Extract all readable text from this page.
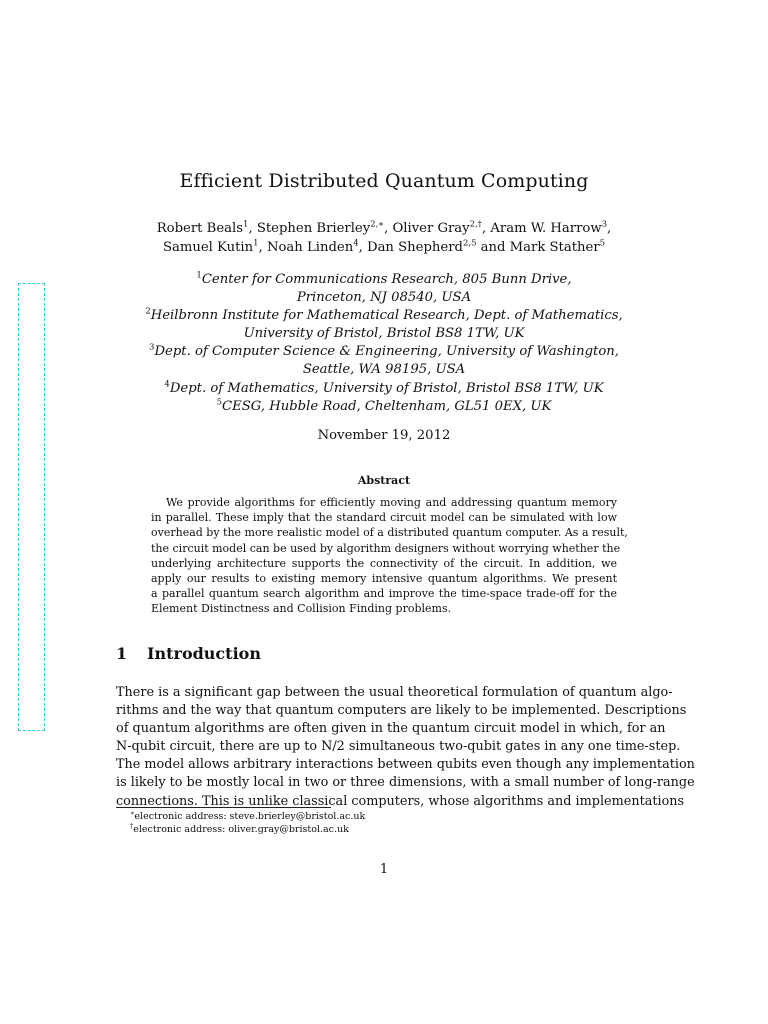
Efficient Distributed Quantum Computing
Robert Beals$^1$, Stephen Brierley$^{2,∗}$, Oliver Gray$^{2,\dagger}$, Aram W. Harrow$^3$,
Samuel Kutin$^1$, Noah Linden$^4$, Dan Shepherd$^{2,5}$ and Mark Stather$^5$
$^1$Center for Communications Research, 805 Bunn Drive,
Princeton, NJ 08540, USA
$^2$Heilbronn Institute for Mathematical Research, Dept. of Mathematics,
University of Bristol, Bristol BS8 1TW, UK
$^3$Dept. of Computer Science & Engineering, University of Washington,
Seattle, WA 98195, USA
$^4$Dept. of Mathematics, University of Bristol, Bristol BS8 1TW, UK
$^5$CESG, Hubble Road, Cheltenham, GL51 0EX, UK
November 19, 2012
Abstract
We provide algorithms for efficiently moving and addressing quantum memory
in parallel. These imply that the standard circuit model can be simulated with low
overhead by the more realistic model of a distributed quantum computer. As a result,
the circuit model can be used by algorithm designers without worrying whether the
underlying architecture supports the connectivity of the circuit. In addition, we
apply our results to existing memory intensive quantum algorithms. We present
a parallel quantum search algorithm and improve the time-space trade-off for the
Element Distinctness and Collision Finding problems.
1 Introduction
There is a significant gap between the usual theoretical formulation of quantum algo-
rithms and the way that quantum computers are likely to be implemented. Descriptions
of quantum algorithms are often given in the quantum circuit model in which, for an
N-qubit circuit, there are up to N/2 simultaneous two-qubit gates in any one time-step.
The model allows arbitrary interactions between qubits even though any implementation
is likely to be mostly local in two or three dimensions, with a small number of long-range
connections. This is unlike classical computers, whose algorithms and implementations
∗electronic address: steve.brierley@bristol.ac.uk
†electronic address: oliver.gray@bristol.ac.uk
1
